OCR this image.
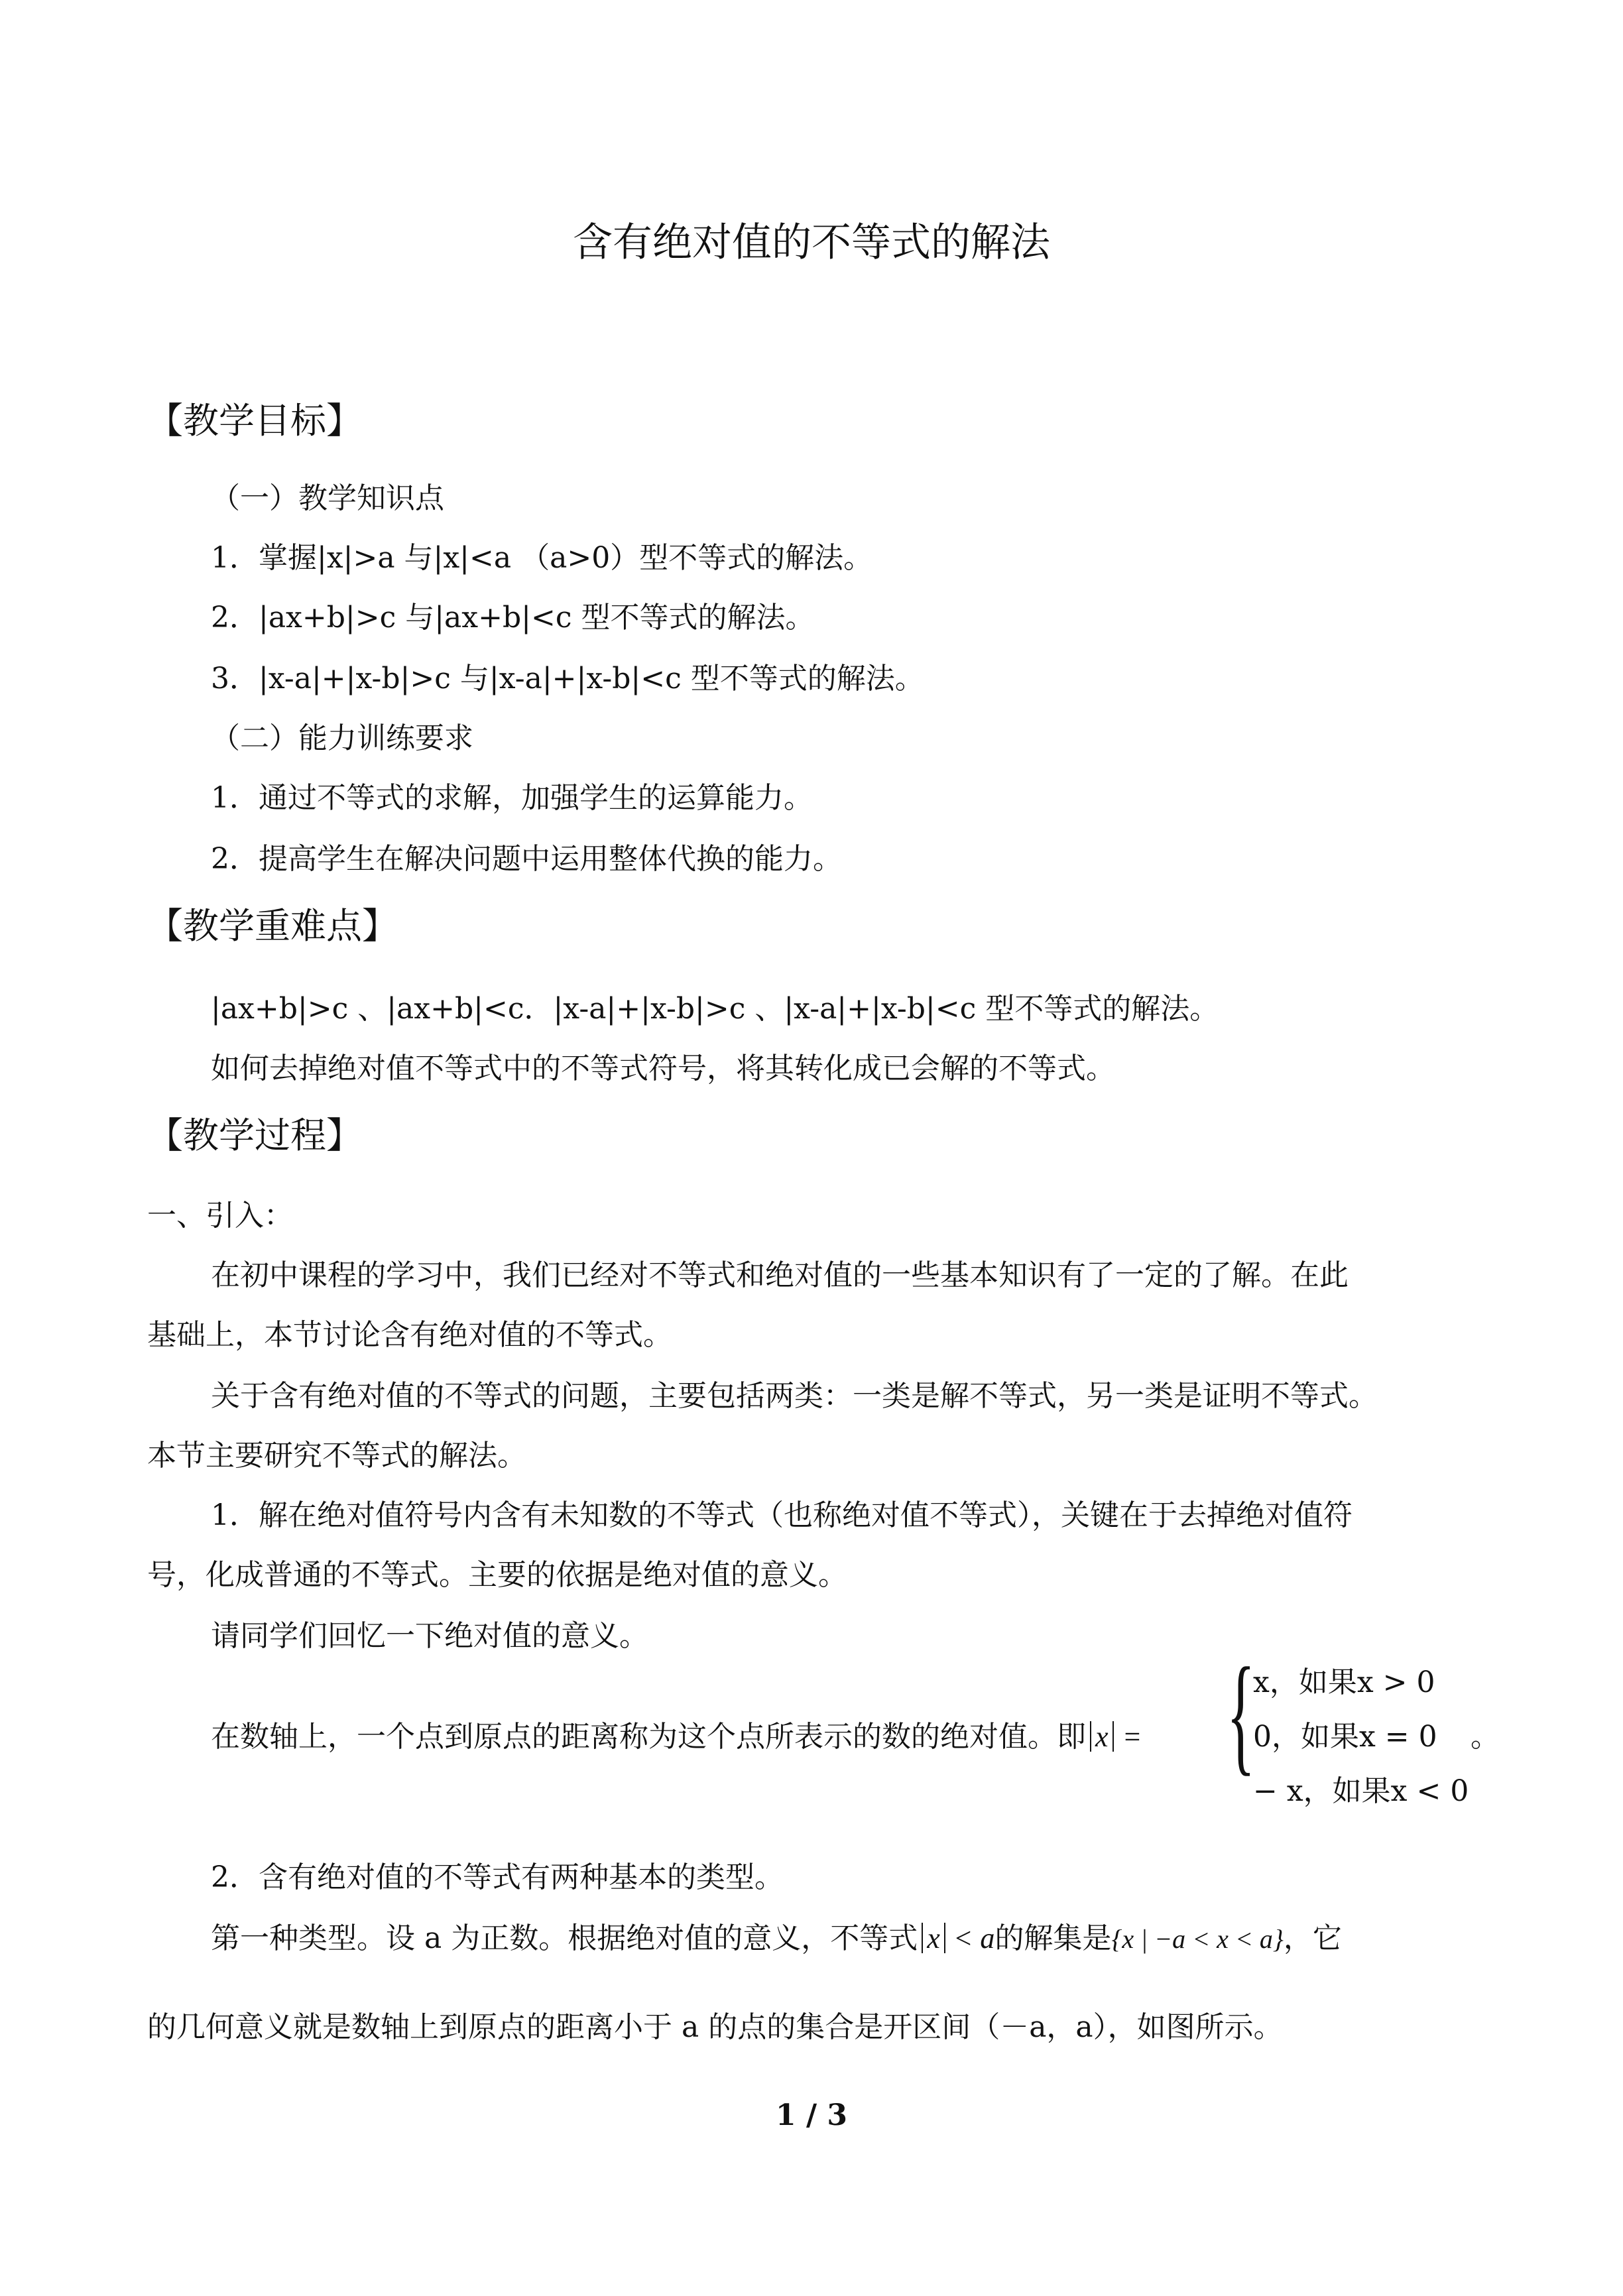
含有绝对值的不等式的解法
【教学目标】
（一）教学知识点
1．掌握|x|>a 与|x|<a （a>0）型不等式的解法。
2．|ax+b|>c 与|ax+b|<c 型不等式的解法。
3．|x-a|+|x-b|>c 与|x-a|+|x-b|<c 型不等式的解法。
（二）能力训练要求
1．通过不等式的求解，加强学生的运算能力。
2．提高学生在解决问题中运用整体代换的能力。
【教学重难点】
|ax+b|>c 、|ax+b|<c．|x-a|+|x-b|>c 、|x-a|+|x-b|<c 型不等式的解法。
如何去掉绝对值不等式中的不等式符号，将其转化成已会解的不等式。
【教学过程】
一、引入：
在初中课程的学习中，我们已经对不等式和绝对值的一些基本知识有了一定的了解。在此
基础上，本节讨论含有绝对值的不等式。
关于含有绝对值的不等式的问题，主要包括两类：一类是解不等式，另一类是证明不等式。
本节主要研究不等式的解法。
1．解在绝对值符号内含有未知数的不等式（也称绝对值不等式），关键在于去掉绝对值符
号，化成普通的不等式。主要的依据是绝对值的意义。
请同学们回忆一下绝对值的意义。
在数轴上，一个点到原点的距离称为这个点所表示的数的绝对值。即 x = {
x，如果x > 0
0，如果x = 0
− x，如果x < 0
。
2．含有绝对值的不等式有两种基本的类型。
第一种类型。设 a 为正数。根据绝对值的意义，不等式 x < a的解集是{x | −a < x < a}，它
的几何意义就是数轴上到原点的距离小于 a 的点的集合是开区间（－a，a），如图所示。
1 / 3
